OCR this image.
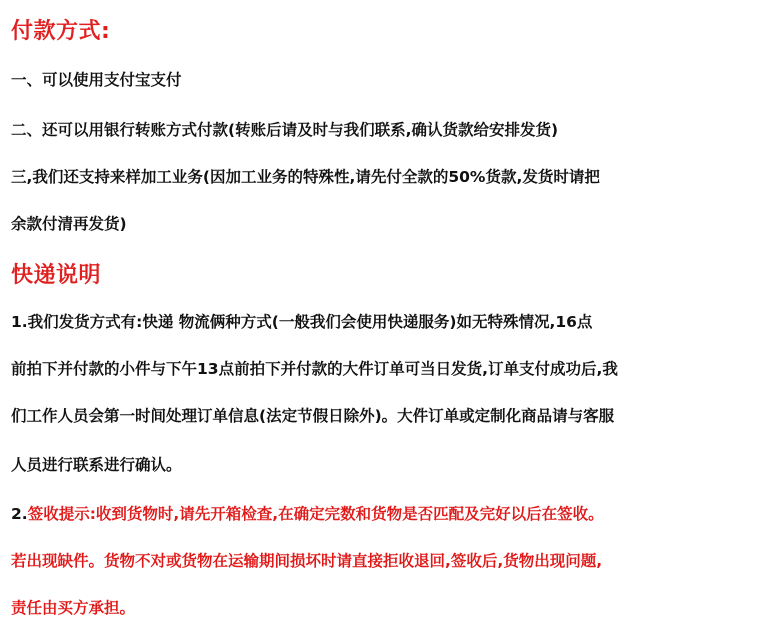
付款方式:
一、可以使用支付宝支付
二、还可以用银行转账方式付款(转账后请及时与我们联系,确认货款给安排发货)
三,我们还支持来样加工业务(因加工业务的特殊性,请先付全款的50%货款,发货时请把
余款付清再发货)
快递说明
1.我们发货方式有:快递 物流俩种方式(一般我们会使用快递服务)如无特殊情况,16点
前拍下并付款的小件与下午13点前拍下并付款的大件订单可当日发货,订单支付成功后,我
们工作人员会第一时间处理订单信息(法定节假日除外)。大件订单或定制化商品请与客服
人员进行联系进行确认。
2.签收提示:收到货物时,请先开箱检查,在确定完数和货物是否匹配及完好以后在签收。
若出现缺件。货物不对或货物在运输期间损坏时请直接拒收退回,签收后,货物出现问题,
责任由买方承担。
